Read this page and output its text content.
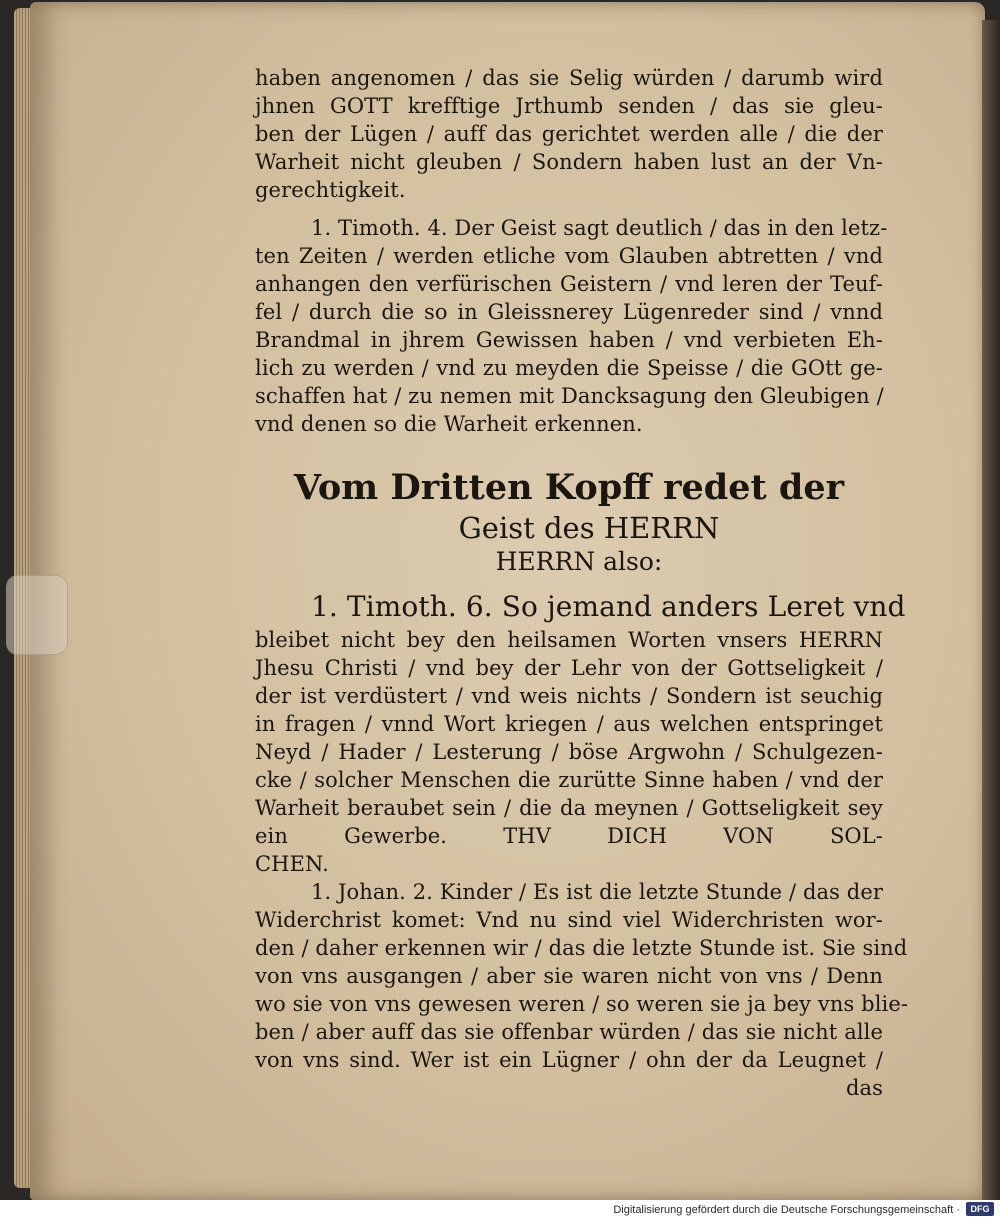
haben angenomen / das sie Selig würden / darumb wird
jhnen GOTT krefftige Jrthumb senden / das sie gleu-
ben der Lügen / auff das gerichtet werden alle / die der
Warheit nicht gleuben / Sondern haben lust an der Vn-
gerechtigkeit.
1. Timoth. 4. Der Geist sagt deutlich / das in den letz-
ten Zeiten / werden etliche vom Glauben abtretten / vnd
anhangen den verfürischen Geistern / vnd leren der Teuf-
fel / durch die so in Gleissnerey Lügenreder sind / vnnd
Brandmal in jhrem Gewissen haben / vnd verbieten Eh-
lich zu werden / vnd zu meyden die Speisse / die GOtt ge-
schaffen hat / zu nemen mit Dancksagung den Gleubigen /
vnd denen so die Warheit erkennen.
Vom Dritten Kopff redet der
Geist des HERRN
HERRN also:
1. Timoth. 6. So jemand anders Leret vnd
bleibet nicht bey den heilsamen Worten vnsers HERRN
Jhesu Christi / vnd bey der Lehr von der Gottseligkeit /
der ist verdüstert / vnd weis nichts / Sondern ist seuchig
in fragen / vnnd Wort kriegen / aus welchen entspringet
Neyd / Hader / Lesterung / böse Argwohn / Schulgezen-
cke / solcher Menschen die zurütte Sinne haben / vnd der
Warheit beraubet sein / die da meynen / Gottseligkeit sey
ein Gewerbe. THV DICH VON SOL-
CHEN.
1. Johan. 2. Kinder / Es ist die letzte Stunde / das der
Widerchrist komet: Vnd nu sind viel Widerchristen wor-
den / daher erkennen wir / das die letzte Stunde ist. Sie sind
von vns ausgangen / aber sie waren nicht von vns / Denn
wo sie von vns gewesen weren / so weren sie ja bey vns blie-
ben / aber auff das sie offenbar würden / das sie nicht alle
von vns sind. Wer ist ein Lügner / ohn der da Leugnet /
das
Digitalisierung gefördert durch die Deutsche Forschungsgemeinschaft ·	DFG
